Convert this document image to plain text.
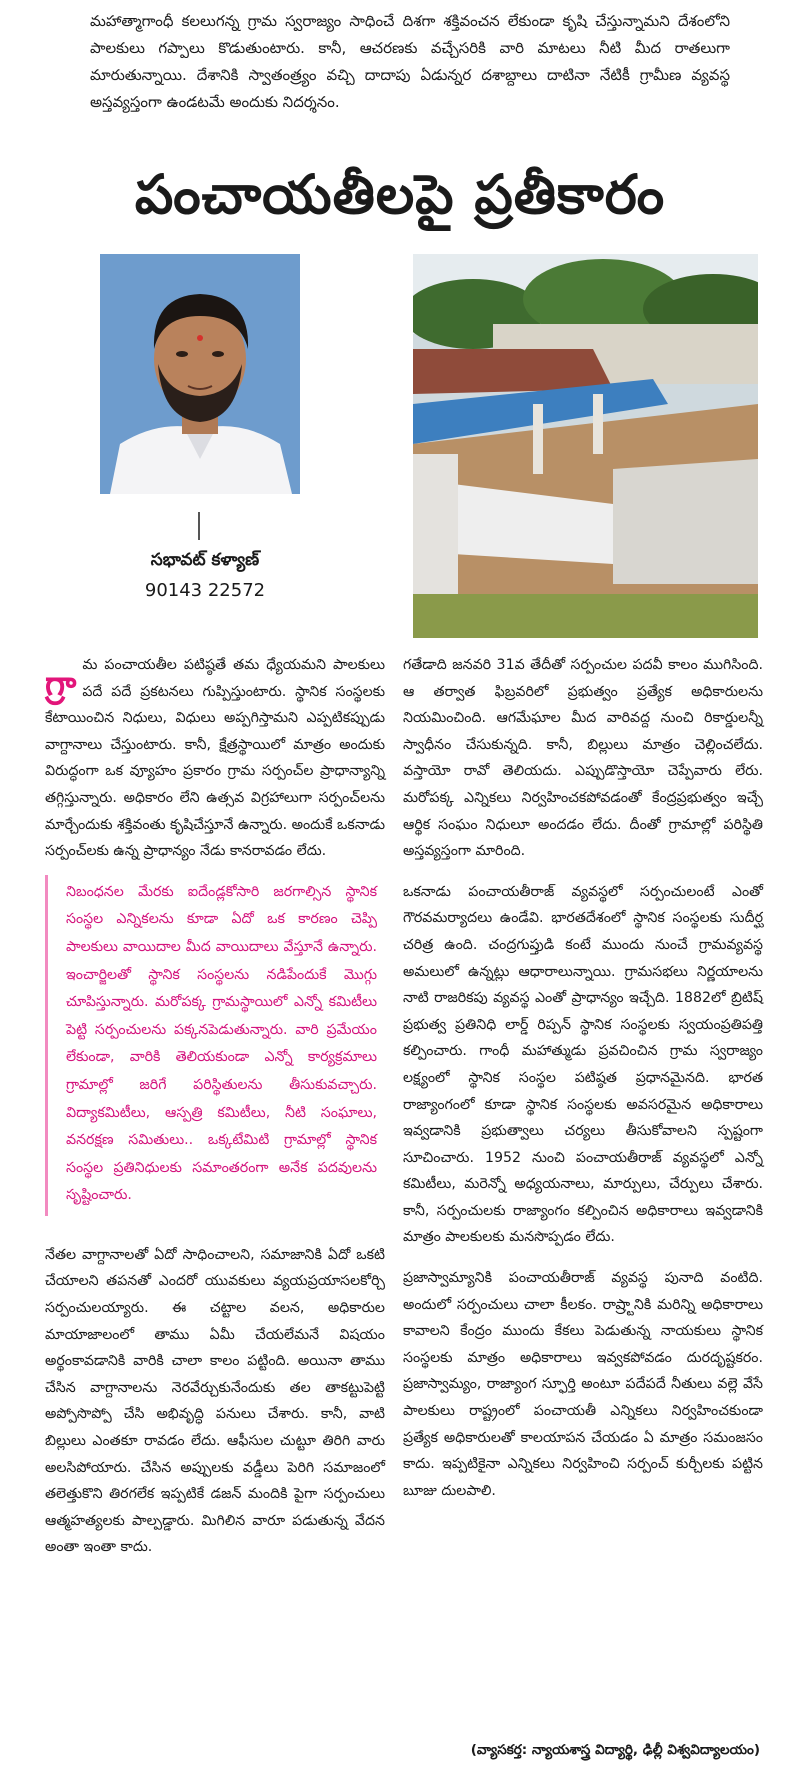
మహాత్మాగాంధీ కలలుగన్న గ్రామ స్వరాజ్యం సాధించే దిశగా శక్తివంచన లేకుండా కృషి చేస్తున్నామని దేశంలోని పాలకులు గప్పాలు కొడుతుంటారు. కానీ, ఆచరణకు వచ్చేసరికి వారి మాటలు నీటి మీద రాతలుగా మారుతున్నాయి. దేశానికి స్వాతంత్ర్యం వచ్చి దాదాపు ఏడున్నర దశాబ్దాలు దాటినా నేటికీ గ్రామీణ వ్యవస్థ అస్తవ్యస్తంగా ఉండటమే అందుకు నిదర్శనం.
పంచాయతీలపై ప్రతీకారం
సభావట్ కళ్యాణ్
90143 22572
గ్రా మ పంచాయతీల పటిష్ఠతే తమ ధ్యేయమని పాలకులు పదే పదే ప్రకటనలు గుప్పిస్తుంటారు. స్థానిక సంస్థలకు కేటాయించిన నిధులు, విధులు అప్పగిస్తామని ఎప్పటికప్పుడు వాగ్దానాలు చేస్తుంటారు. కానీ, క్షేత్రస్థాయిలో మాత్రం అందుకు విరుద్ధంగా ఒక వ్యూహం ప్రకారం గ్రామ సర్పంచ్‌ల ప్రాధాన్యాన్ని తగ్గిస్తున్నారు. అధికారం లేని ఉత్సవ విగ్రహాలుగా సర్పంచ్‌లను మార్చేందుకు శక్తివంతు కృషిచేస్తూనే ఉన్నారు. అందుకే ఒకనాడు సర్పంచ్‌లకు ఉన్న ప్రాధాన్యం నేడు కానరావడం లేదు.
నిబంధనల మేరకు ఐదేండ్లకోసారి జరగాల్సిన స్థానిక సంస్థల ఎన్నికలను కూడా ఏదో ఒక కారణం చెప్పి పాలకులు వాయిదాల మీద వాయిదాలు వేస్తూనే ఉన్నారు. ఇంచార్జిలతో స్థానిక సంస్థలను నడిపేందుకే మొగ్గు చూపిస్తున్నారు. మరోపక్క గ్రామస్థాయిలో ఎన్నో కమిటీలు పెట్టి సర్పంచులను పక్కనపెడుతున్నారు. వారి ప్రమేయం లేకుండా, వారికి తెలియకుండా ఎన్నో కార్యక్రమాలు గ్రామాల్లో జరిగే పరిస్థితులను తీసుకువచ్చారు. విద్యాకమిటీలు, ఆస్పత్రి కమిటీలు, నీటి సంఘాలు, వనరక్షణ సమితులు.. ఒక్కటేమిటి గ్రామాల్లో స్థానిక సంస్థల ప్రతినిధులకు సమాంతరంగా అనేక పదవులను సృష్టించారు.

నేతల వాగ్దానాలతో ఏదో సాధించాలని, సమాజానికి ఏదో ఒకటి చేయాలని తపనతో ఎందరో యువకులు వ్యయప్రయాసలకోర్చి సర్పంచులయ్యారు. ఈ చట్టాల వలన, అధికారుల మాయాజాలంలో తాము ఏమీ చేయలేమనే విషయం అర్థంకావడానికి వారికి చాలా కాలం పట్టింది. అయినా తాము చేసిన వాగ్దానాలను నెరవేర్చుకునేందుకు తల తాకట్టుపెట్టి అప్పోసొప్పో చేసి అభివృద్ధి పనులు చేశారు. కానీ, వాటి బిల్లులు ఎంతకూ రావడం లేదు. ఆఫీసుల చుట్టూ తిరిగి వారు అలసిపోయారు. చేసిన అప్పులకు వడ్డీలు పెరిగి సమాజంలో తలెత్తుకొని తిరగలేక ఇప్పటికే డజన్ మందికి పైగా సర్పంచులు ఆత్మహత్యలకు పాల్పడ్డారు. మిగిలిన వారూ పడుతున్న వేదన అంతా ఇంతా కాదు.

గతేడాది జనవరి 31వ తేదీతో సర్పంచుల పదవీ కాలం ముగిసింది. ఆ తర్వాత ఫిబ్రవరిలో ప్రభుత్వం ప్రత్యేక అధికారులను నియమించింది. ఆగమేఘాల మీద వారివద్ద నుంచి రికార్డులన్నీ స్వాధీనం చేసుకున్నది. కానీ, బిల్లులు మాత్రం చెల్లించలేదు. వస్తాయో రావో తెలియదు. ఎప్పుడొస్తాయో చెప్పేవారు లేరు. మరోపక్క ఎన్నికలు నిర్వహించకపోవడంతో కేంద్రప్రభుత్వం ఇచ్చే ఆర్థిక సంఘం నిధులూ అందడం లేదు. దీంతో గ్రామాల్లో పరిస్థితి అస్తవ్యస్తంగా మారింది.

ఒకనాడు పంచాయతీరాజ్ వ్యవస్థలో సర్పంచులంటే ఎంతో గౌరవమర్యాదలు ఉండేవి. భారతదేశంలో స్థానిక సంస్థలకు సుదీర్ఘ చరిత్ర ఉంది. చంద్రగుప్తుడి కంటే ముందు నుంచే గ్రామవ్యవస్థ అమలులో ఉన్నట్లు ఆధారాలున్నాయి. గ్రామసభలు నిర్ణయాలను నాటి రాజరికపు వ్యవస్థ ఎంతో ప్రాధాన్యం ఇచ్చేది. 1882లో బ్రిటిష్ ప్రభుత్వ ప్రతినిధి లార్డ్ రిప్పన్ స్థానిక సంస్థలకు స్వయంప్రతిపత్తి కల్పించారు. గాంధీ మహాత్ముడు ప్రవచించిన గ్రామ స్వరాజ్యం లక్ష్యంలో స్థానిక సంస్థల పటిష్ఠత ప్రధానమైనది. భారత రాజ్యాంగంలో కూడా స్థానిక సంస్థలకు అవసరమైన అధికారాలు ఇవ్వడానికి ప్రభుత్వాలు చర్యలు తీసుకోవాలని స్పష్టంగా సూచించారు. 1952 నుంచి పంచాయతీరాజ్ వ్యవస్థలో ఎన్నో కమిటీలు, మరెన్నో అధ్యయనాలు, మార్పులు, చేర్పులు చేశారు. కానీ, సర్పంచులకు రాజ్యాంగం కల్పించిన అధికారాలు ఇవ్వడానికి మాత్రం పాలకులకు మనసొప్పడం లేదు.

ప్రజాస్వామ్యానికి పంచాయతీరాజ్ వ్యవస్థ పునాది వంటిది. అందులో సర్పంచులు చాలా కీలకం. రాష్ర్టానికి మరిన్ని అధికారాలు కావాలని కేంద్రం ముందు కేకలు పెడుతున్న నాయకులు స్థానిక సంస్థలకు మాత్రం అధికారాలు ఇవ్వకపోవడం దురదృష్టకరం. ప్రజాస్వామ్యం, రాజ్యాంగ స్ఫూర్తి అంటూ పదేపదే నీతులు వల్లె వేసే పాలకులు రాష్ట్రంలో పంచాయతీ ఎన్నికలు నిర్వహించకుండా ప్రత్యేక అధికారులతో కాలయాపన చేయడం ఏ మాత్రం సమంజసం కాదు. ఇప్పటికైనా ఎన్నికలు నిర్వహించి సర్పంచ్ కుర్చీలకు పట్టిన బూజు దులపాలి.

(వ్యాసకర్త: న్యాయశాస్త్ర విద్యార్థి, ఢిల్లీ విశ్వవిద్యాలయం)
